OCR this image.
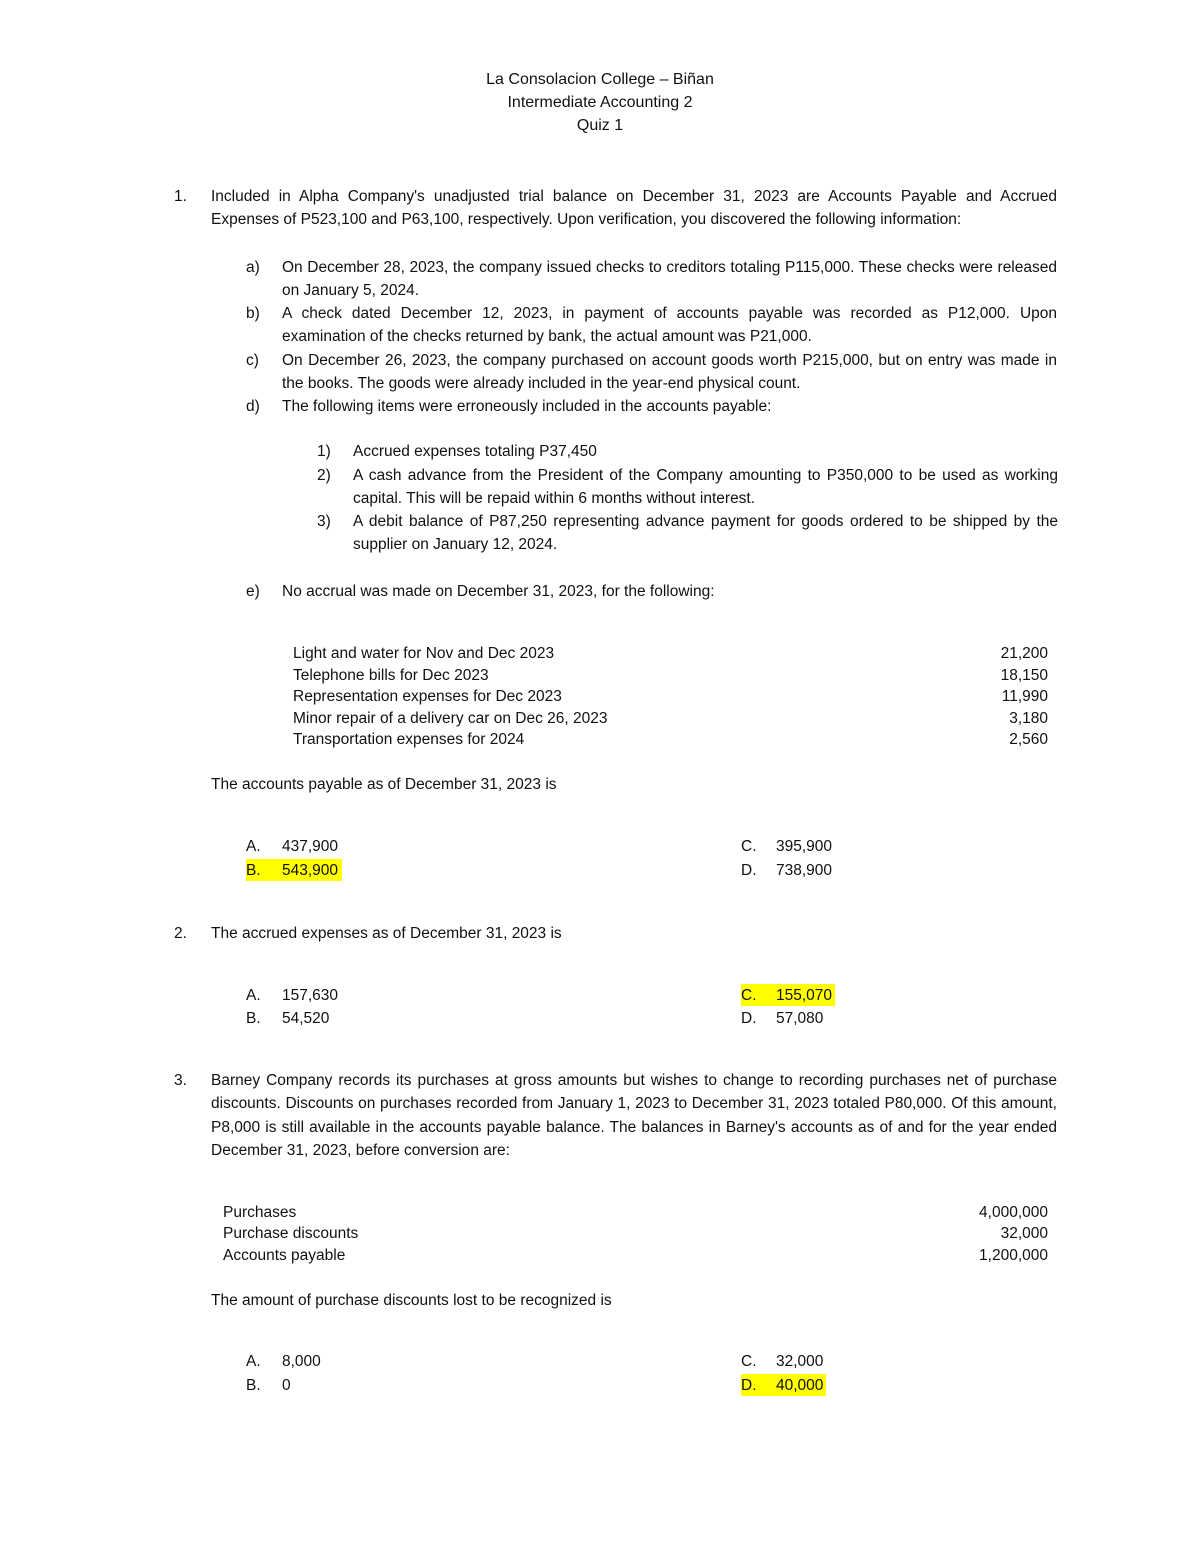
La Consolacion College – Biñan
Intermediate Accounting 2
Quiz 1
1. Included in Alpha Company's unadjusted trial balance on December 31, 2023 are Accounts Payable and Accrued Expenses of P523,100 and P63,100, respectively. Upon verification, you discovered the following information:
a) On December 28, 2023, the company issued checks to creditors totaling P115,000. These checks were released on January 5, 2024.
b) A check dated December 12, 2023, in payment of accounts payable was recorded as P12,000. Upon examination of the checks returned by bank, the actual amount was P21,000.
c) On December 26, 2023, the company purchased on account goods worth P215,000, but on entry was made in the books. The goods were already included in the year-end physical count.
d) The following items were erroneously included in the accounts payable:
1) Accrued expenses totaling P37,450
2) A cash advance from the President of the Company amounting to P350,000 to be used as working capital. This will be repaid within 6 months without interest.
3) A debit balance of P87,250 representing advance payment for goods ordered to be shipped by the supplier on January 12, 2024.
e) No accrual was made on December 31, 2023, for the following:
Light and water for Nov and Dec 2023	21,200
Telephone bills for Dec 2023	18,150
Representation expenses for Dec 2023	11,990
Minor repair of a delivery car on Dec 26, 2023	3,180
Transportation expenses for 2024	2,560
The accounts payable as of December 31, 2023 is
A. 437,900
B. 543,900
C. 395,900
D. 738,900
2. The accrued expenses as of December 31, 2023 is
A. 157,630
B. 54,520
C. 155,070
D. 57,080
3. Barney Company records its purchases at gross amounts but wishes to change to recording purchases net of purchase discounts. Discounts on purchases recorded from January 1, 2023 to December 31, 2023 totaled P80,000. Of this amount, P8,000 is still available in the accounts payable balance. The balances in Barney's accounts as of and for the year ended December 31, 2023, before conversion are:
Purchases	4,000,000
Purchase discounts	32,000
Accounts payable	1,200,000
The amount of purchase discounts lost to be recognized is
A. 8,000
B. 0
C. 32,000
D. 40,000
